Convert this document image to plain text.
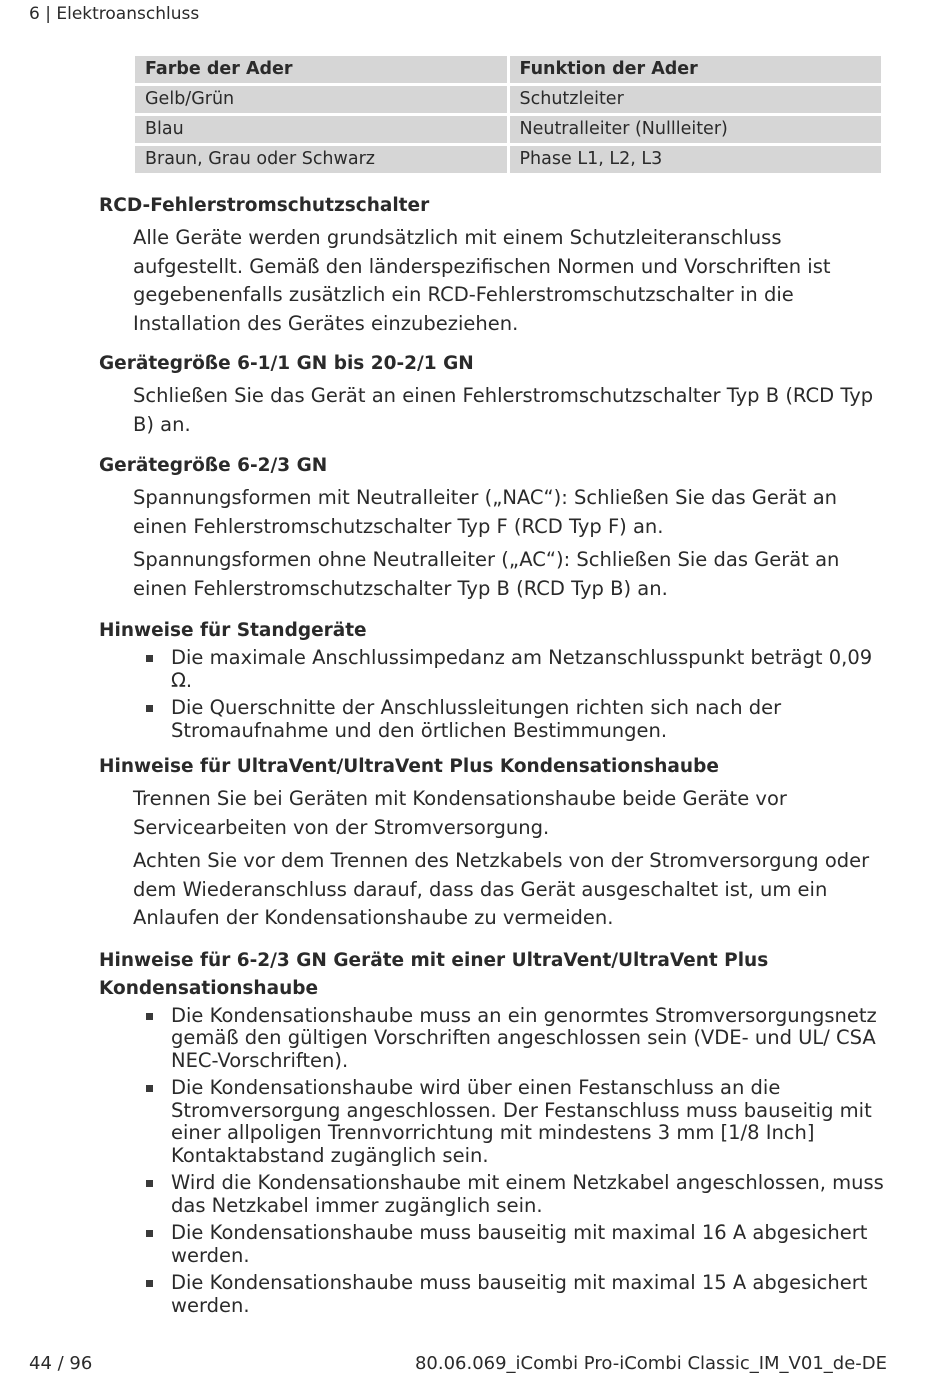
6 | Elektroanschluss
Farbe der Ader	Funktion der Ader
Gelb/Grün	Schutzleiter
Blau	Neutralleiter (Nullleiter)
Braun, Grau oder Schwarz	Phase L1, L2, L3
RCD-Fehlerstromschutzschalter

Alle Geräte werden grundsätzlich mit einem Schutzleiteranschluss aufgestellt. Gemäß den länderspezifischen Normen und Vorschriften ist gegebenenfalls zusätzlich ein RCD-Fehlerstromschutzschalter in die Installation des Gerätes einzubeziehen.

Gerätegröße 6-1/1 GN bis 20-2/1 GN

Schließen Sie das Gerät an einen Fehlerstromschutzschalter Typ B (RCD Typ B) an.

Gerätegröße 6-2/3 GN

Spannungsformen mit Neutralleiter („NAC“): Schließen Sie das Gerät an einen Fehlerstromschutzschalter Typ F (RCD Typ F) an.

Spannungsformen ohne Neutralleiter („AC“): Schließen Sie das Gerät an einen Fehlerstromschutzschalter Typ B (RCD Typ B) an.

Hinweise für Standgeräte
Die maximale Anschlussimpedanz am Netzanschlusspunkt beträgt 0,09 Ω.
Die Querschnitte der Anschlussleitungen richten sich nach der Stromaufnahme und den örtlichen Bestimmungen.
Hinweise für UltraVent/UltraVent Plus Kondensationshaube

Trennen Sie bei Geräten mit Kondensationshaube beide Geräte vor Servicearbeiten von der Stromversorgung.

Achten Sie vor dem Trennen des Netzkabels von der Stromversorgung oder dem Wiederanschluss darauf, dass das Gerät ausgeschaltet ist, um ein Anlaufen der Kondensationshaube zu vermeiden.

Hinweise für 6-2/3 GN Geräte mit einer UltraVent/UltraVent Plus Kondensationshaube
Die Kondensationshaube muss an ein genormtes Stromversorgungsnetz gemäß den gültigen Vorschriften angeschlossen sein (VDE- und UL/ CSA NEC-Vorschriften).
Die Kondensationshaube wird über einen Festanschluss an die Stromversorgung angeschlossen. Der Festanschluss muss bauseitig mit einer allpoligen Trennvorrichtung mit mindestens 3 mm [1/8 Inch] Kontaktabstand zugänglich sein.
Wird die Kondensationshaube mit einem Netzkabel angeschlossen, muss das Netzkabel immer zugänglich sein.
Die Kondensationshaube muss bauseitig mit maximal 16 A abgesichert werden.
Die Kondensationshaube muss bauseitig mit maximal 15 A abgesichert werden.
44 / 96	80.06.069_iCombi Pro-iCombi Classic_IM_V01_de-DE
